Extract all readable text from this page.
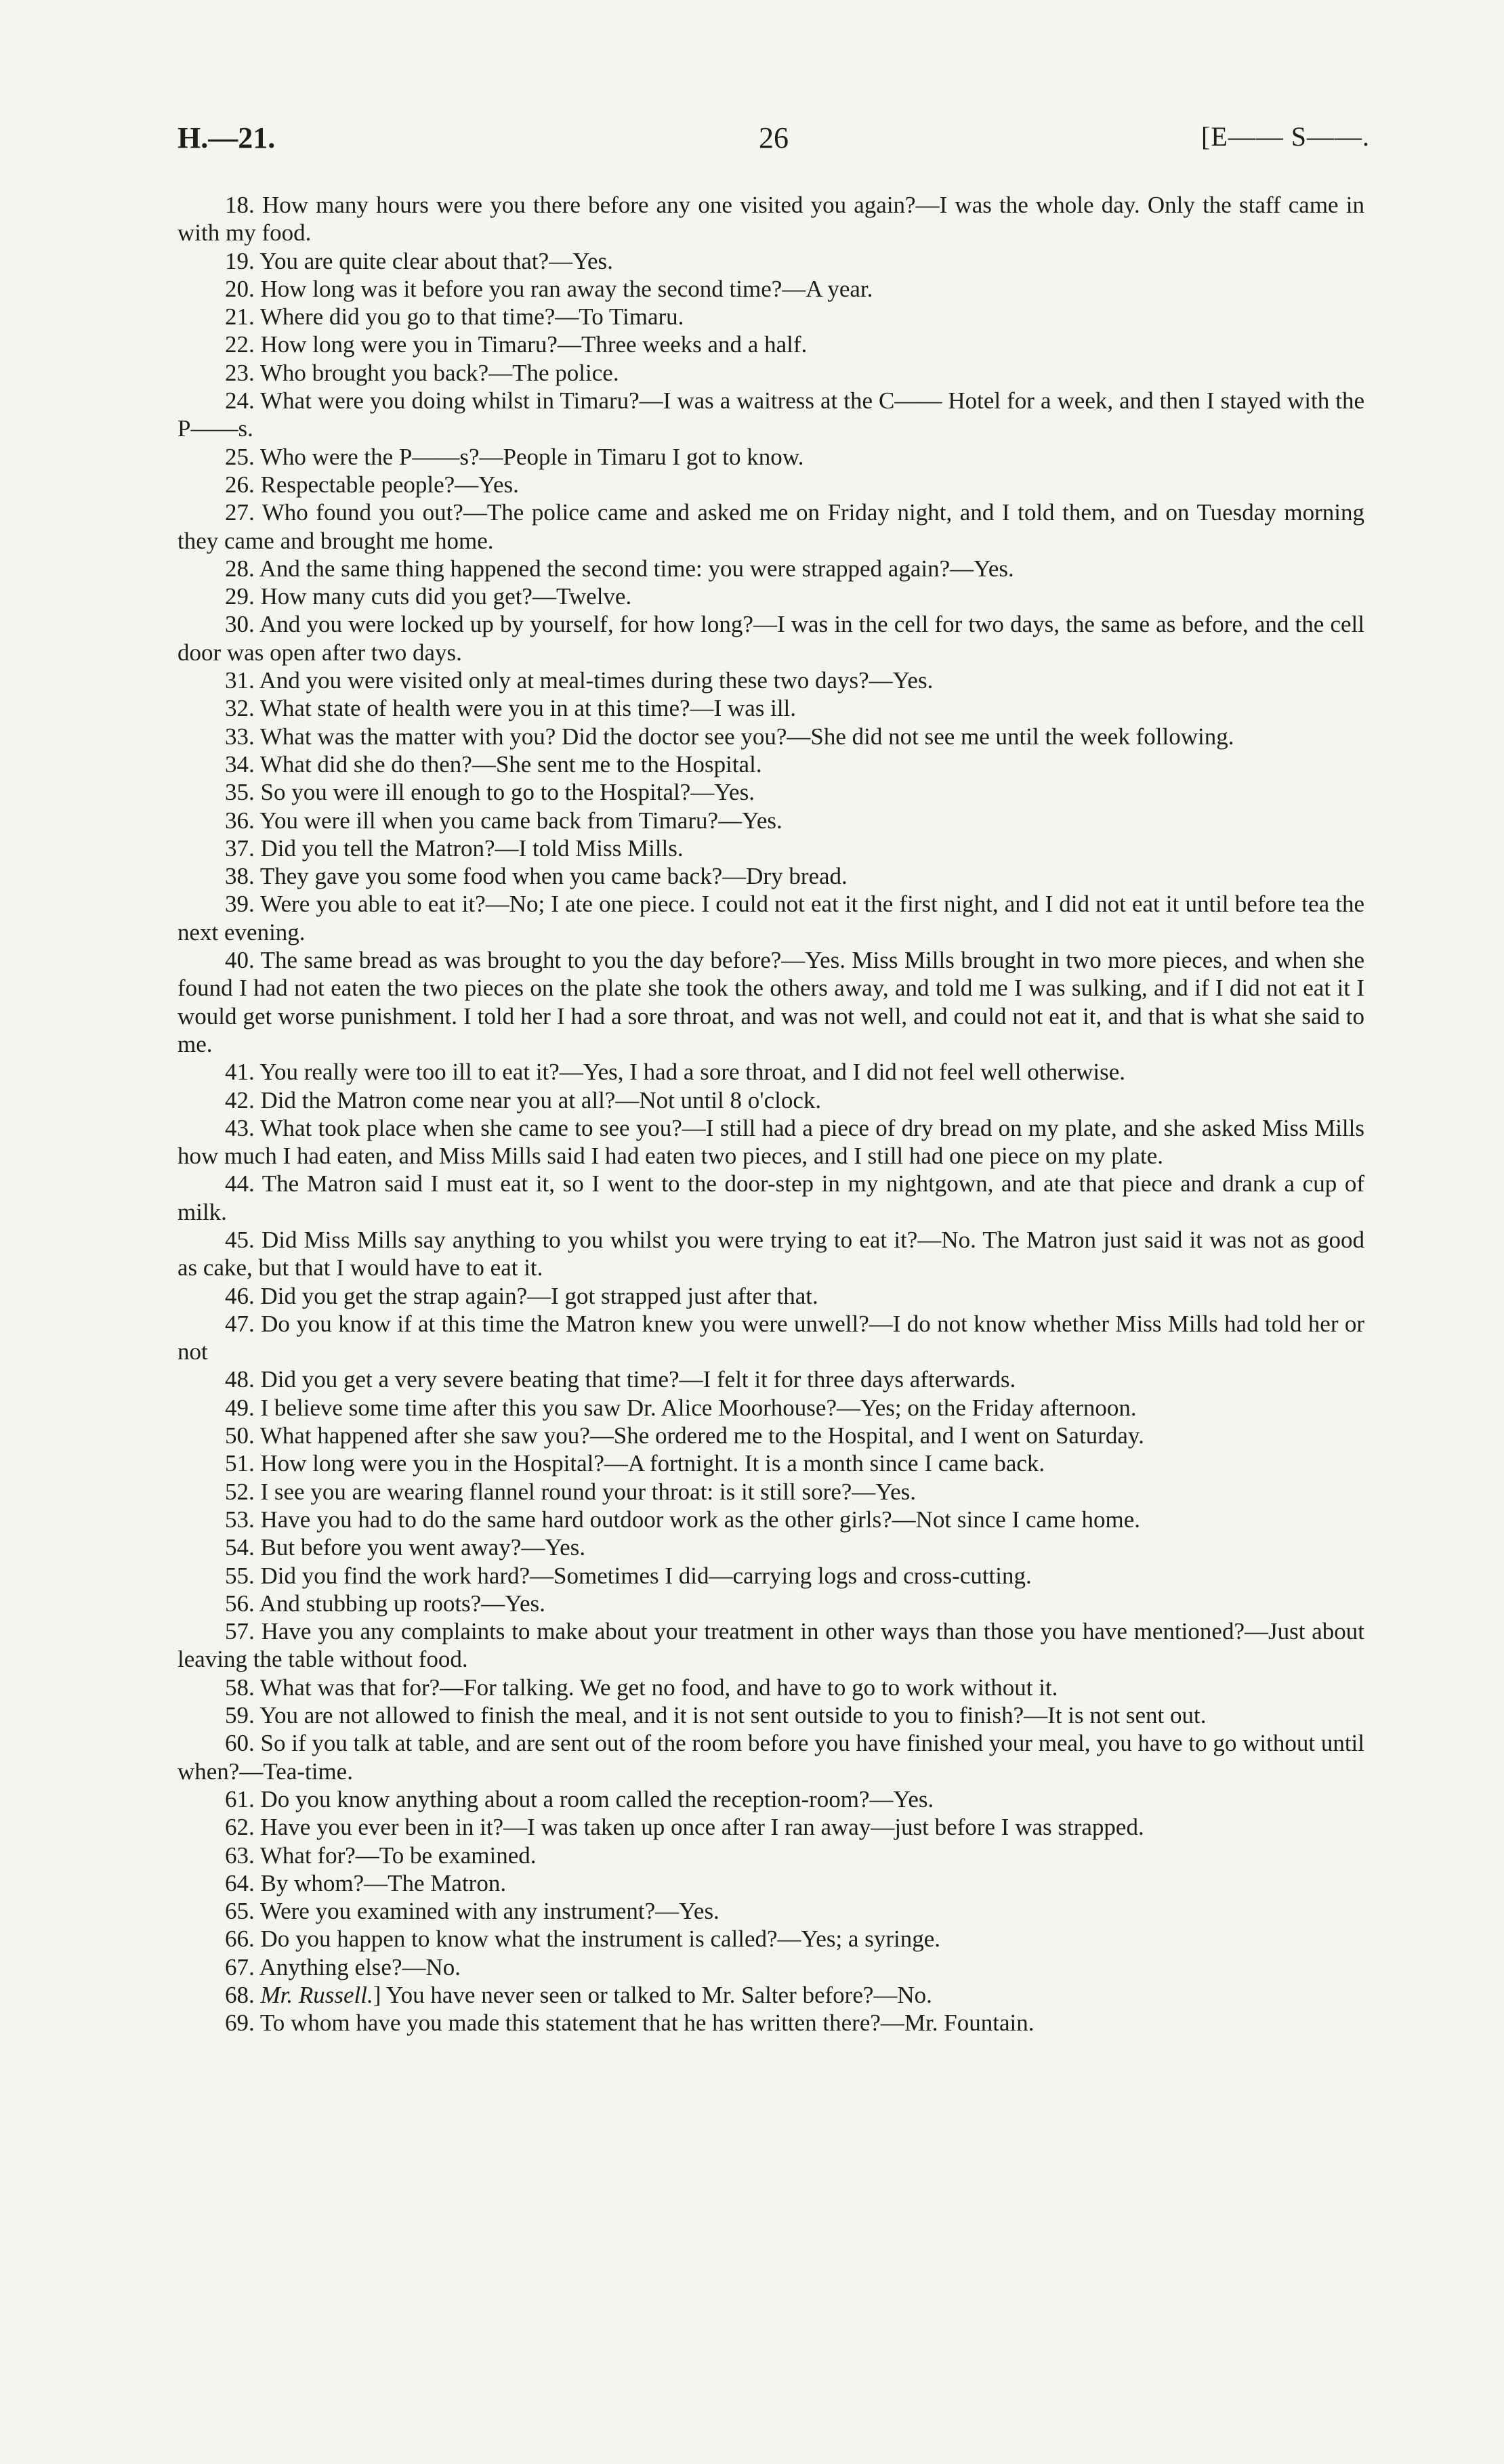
H.—21.	26	[E—— S——.

18. How many hours were you there before any one visited you again?—I was the whole day. Only the staff came in with my food.

19. You are quite clear about that?—Yes.

20. How long was it before you ran away the second time?—A year.

21. Where did you go to that time?—To Timaru.

22. How long were you in Timaru?—Three weeks and a half.

23. Who brought you back?—The police.

24. What were you doing whilst in Timaru?—I was a waitress at the C—— Hotel for a week, and then I stayed with the P——s.

25. Who were the P——s?—People in Timaru I got to know.

26. Respectable people?—Yes.

27. Who found you out?—The police came and asked me on Friday night, and I told them, and on Tuesday morning they came and brought me home.

28. And the same thing happened the second time: you were strapped again?—Yes.

29. How many cuts did you get?—Twelve.

30. And you were locked up by yourself, for how long?—I was in the cell for two days, the same as before, and the cell door was open after two days.

31. And you were visited only at meal-times during these two days?—Yes.

32. What state of health were you in at this time?—I was ill.

33. What was the matter with you? Did the doctor see you?—She did not see me until the week following.

34. What did she do then?—She sent me to the Hospital.

35. So you were ill enough to go to the Hospital?—Yes.

36. You were ill when you came back from Timaru?—Yes.

37. Did you tell the Matron?—I told Miss Mills.

38. They gave you some food when you came back?—Dry bread.

39. Were you able to eat it?—No; I ate one piece. I could not eat it the first night, and I did not eat it until before tea the next evening.

40. The same bread as was brought to you the day before?—Yes. Miss Mills brought in two more pieces, and when she found I had not eaten the two pieces on the plate she took the others away, and told me I was sulking, and if I did not eat it I would get worse punishment. I told her I had a sore throat, and was not well, and could not eat it, and that is what she said to me.

41. You really were too ill to eat it?—Yes, I had a sore throat, and I did not feel well otherwise.

42. Did the Matron come near you at all?—Not until 8 o'clock.

43. What took place when she came to see you?—I still had a piece of dry bread on my plate, and she asked Miss Mills how much I had eaten, and Miss Mills said I had eaten two pieces, and I still had one piece on my plate.

44. The Matron said I must eat it, so I went to the door-step in my nightgown, and ate that piece and drank a cup of milk.

45. Did Miss Mills say anything to you whilst you were trying to eat it?—No. The Matron just said it was not as good as cake, but that I would have to eat it.

46. Did you get the strap again?—I got strapped just after that.

47. Do you know if at this time the Matron knew you were unwell?—I do not know whether Miss Mills had told her or not

48. Did you get a very severe beating that time?—I felt it for three days afterwards.

49. I believe some time after this you saw Dr. Alice Moorhouse?—Yes; on the Friday afternoon.

50. What happened after she saw you?—She ordered me to the Hospital, and I went on Saturday.

51. How long were you in the Hospital?—A fortnight. It is a month since I came back.

52. I see you are wearing flannel round your throat: is it still sore?—Yes.

53. Have you had to do the same hard outdoor work as the other girls?—Not since I came home.

54. But before you went away?—Yes.

55. Did you find the work hard?—Sometimes I did—carrying logs and cross-cutting.

56. And stubbing up roots?—Yes.

57. Have you any complaints to make about your treatment in other ways than those you have mentioned?—Just about leaving the table without food.

58. What was that for?—For talking. We get no food, and have to go to work without it.

59. You are not allowed to finish the meal, and it is not sent outside to you to finish?—It is not sent out.

60. So if you talk at table, and are sent out of the room before you have finished your meal, you have to go without until when?—Tea-time.

61. Do you know anything about a room called the reception-room?—Yes.

62. Have you ever been in it?—I was taken up once after I ran away—just before I was strapped.

63. What for?—To be examined.

64. By whom?—The Matron.

65. Were you examined with any instrument?—Yes.

66. Do you happen to know what the instrument is called?—Yes; a syringe.

67. Anything else?—No.

68. Mr. Russell.] You have never seen or talked to Mr. Salter before?—No.

69. To whom have you made this statement that he has written there?—Mr. Fountain.
